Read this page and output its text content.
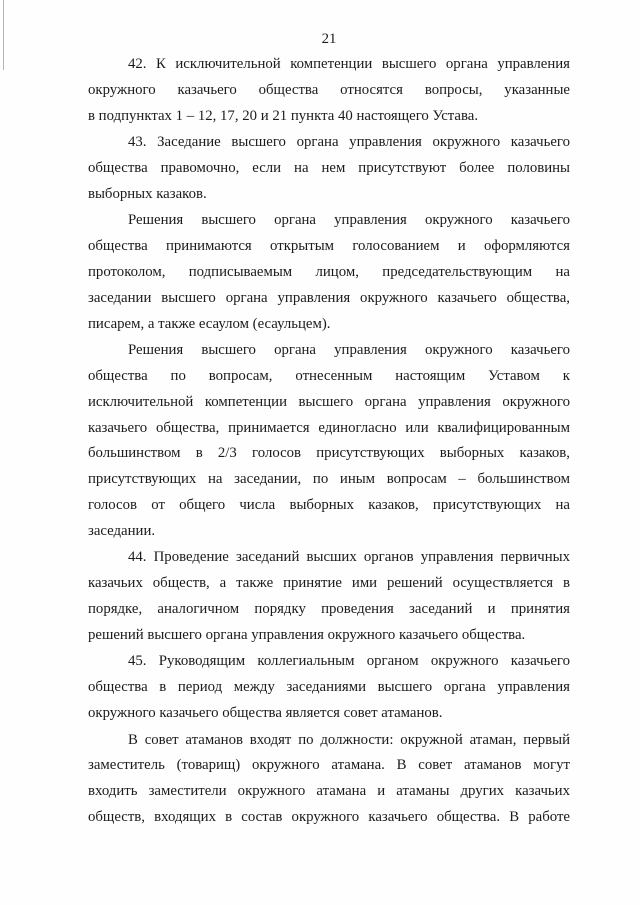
21
42. К исключительной компетенции высшего органа управления
окружного казачьего общества относятся вопросы, указанные
в подпунктах 1 – 12, 17, 20 и 21 пункта 40 настоящего Устава.
43. Заседание высшего органа управления окружного казачьего
общества правомочно, если на нем присутствуют более половины
выборных казаков.
Решения высшего органа управления окружного казачьего
общества принимаются открытым голосованием и оформляются
протоколом, подписываемым лицом, председательствующим на
заседании высшего органа управления окружного казачьего общества,
писарем, а также есаулом (есаульцем).
Решения высшего органа управления окружного казачьего
общества по вопросам, отнесенным настоящим Уставом к
исключительной компетенции высшего органа управления окружного
казачьего общества, принимается единогласно или квалифицированным
большинством в 2/3 голосов присутствующих выборных казаков,
присутствующих на заседании, по иным вопросам – большинством
голосов от общего числа выборных казаков, присутствующих на
заседании.
44. Проведение заседаний высших органов управления первичных
казачьих обществ, а также принятие ими решений осуществляется в
порядке, аналогичном порядку проведения заседаний и принятия
решений высшего органа управления окружного казачьего общества.
45. Руководящим коллегиальным органом окружного казачьего
общества в период между заседаниями высшего органа управления
окружного казачьего общества является совет атаманов.
В совет атаманов входят по должности: окружной атаман, первый
заместитель (товарищ) окружного атамана. В совет атаманов могут
входить заместители окружного атамана и атаманы других казачьих
обществ, входящих в состав окружного казачьего общества. В работе
